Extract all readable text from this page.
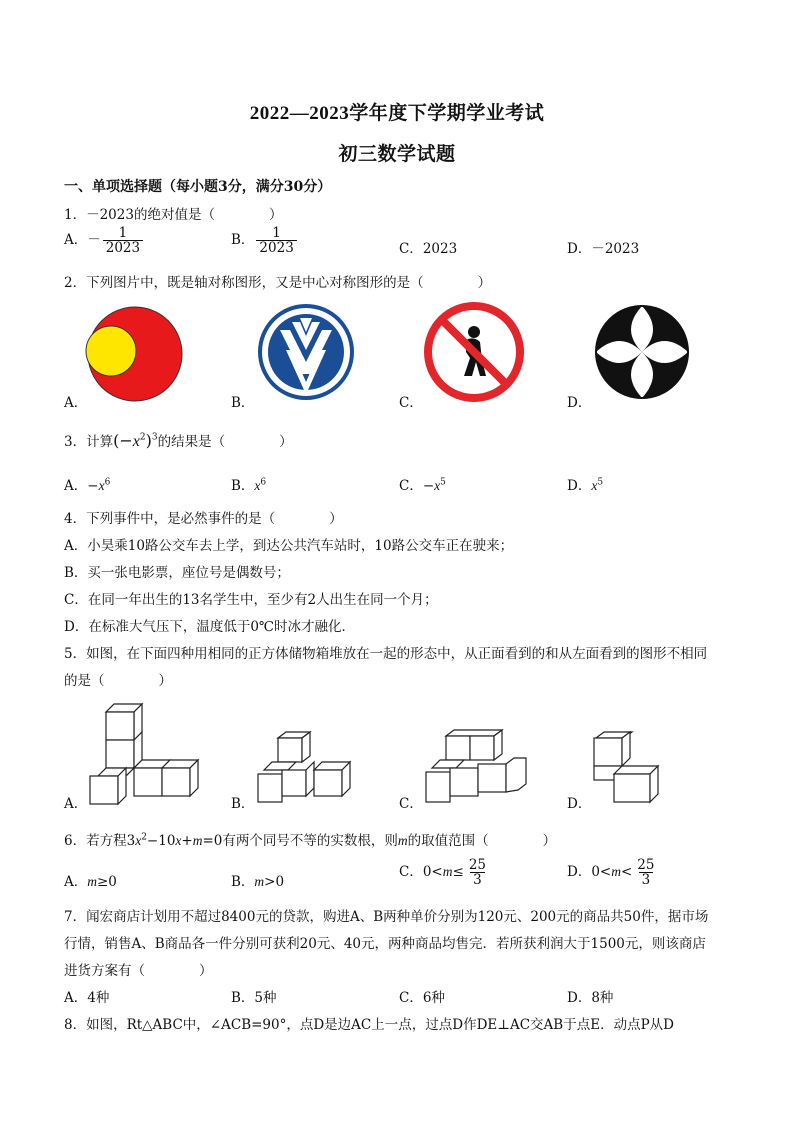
2022—2023学年度下学期学业考试
初三数学试题
一、单项选择题（每小题3分，满分30分）
1．－2023的绝对值是（　　　　）
A．－ $\frac{1}{2023}$	B． $\frac{1}{2023}$	C．2023	D．－2023
2．下列图片中，既是轴对称图形，又是中心对称图形的是（　　　　）
A．	B．	C．	D．
3．计算$(-x^2)^3$的结果是（　　　　）
A．$-x^6$	B．$x^6$	C．$-x^5$	D．$x^5$
4．下列事件中，是必然事件的是（　　　　）
A．小昊乘10路公交车去上学，到达公共汽车站时，10路公交车正在驶来；
B．买一张电影票，座位号是偶数号；
C．在同一年出生的13名学生中，至少有2人出生在同一个月；
D．在标准大气压下，温度低于0℃时冰才融化．
5．如图，在下面四种用相同的正方体储物箱堆放在一起的形态中，从正面看到的和从左面看到的图形不相同
的是（　　　　）
A．	B．	C．	D．
6．若方程$3x^2-10x+m=0$有两个同号不等的实数根，则m的取值范围（　　　　）
A．m≥0	B．m>0
C．$0<m\le \frac{25}{3}$	D．$0<m< \frac{25}{3}$
7．闻宏商店计划用不超过8400元的贷款，购进A、B两种单价分别为120元、200元的商品共50件，据市场
行情，销售A、B商品各一件分别可获利20元、40元，两种商品均售完．若所获利润大于1500元，则该商店
进货方案有（　　　　）
A．4种	B．5种	C．6种	D．8种
8．如图，Rt△ABC中，∠ACB=90°，点D是边AC上一点，过点D作DE⊥AC交AB于点E．动点P从D
